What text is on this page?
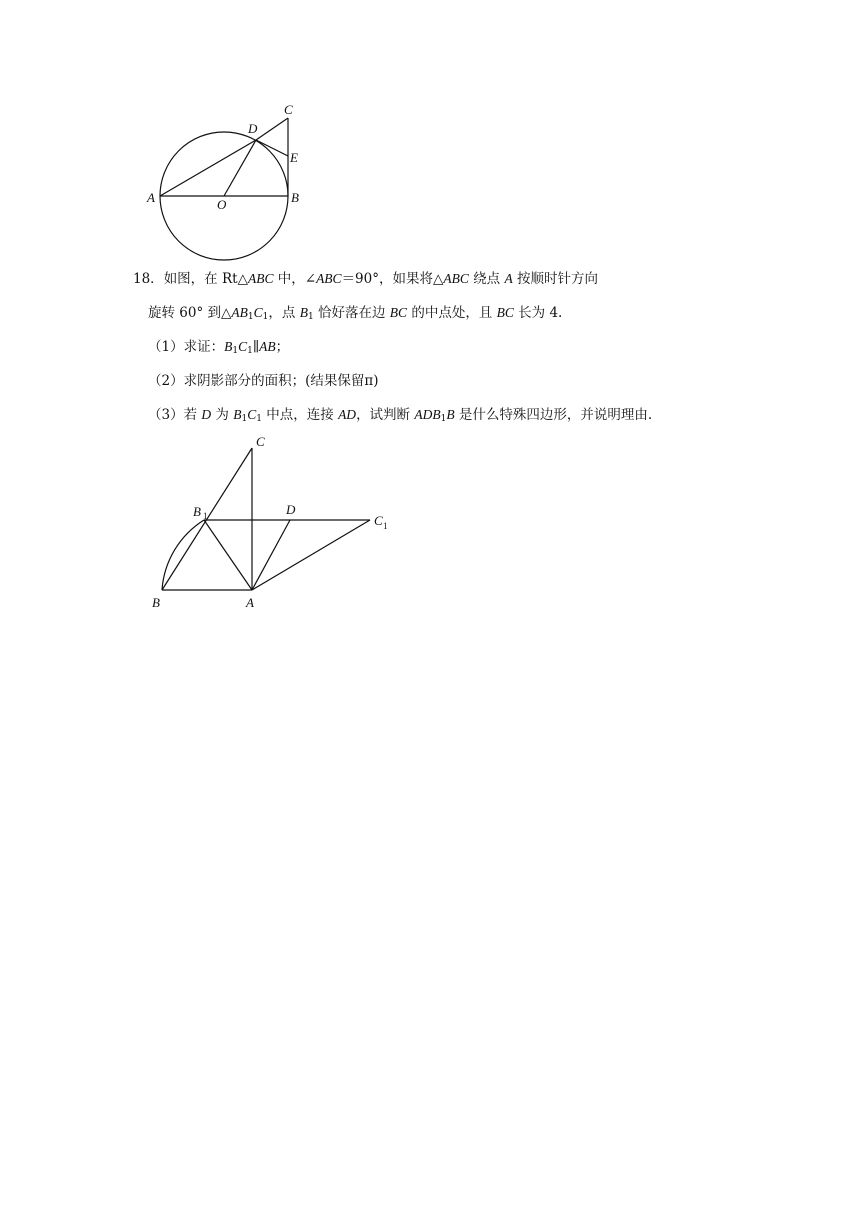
C
D
E
A	O	B
18．如图，在 Rt△ABC 中，∠ABC＝90°，如果将△ABC 绕点 A 按顺时针方向
旋转 60° 到$\triangle AB_1C_1$，点 $B_1$ 恰好落在边 BC 的中点处，且 BC 长为 4.
（1）求证：$B_1C_1\parallel AB$；
（2）求阴影部分的面积；(结果保留π)
（3）若 D 为 $B_1C_1$ 中点，连接 AD，试判断 $ADB_1B$ 是什么特殊四边形，并说明理由.
C
B 1	D
C 1
B	A
